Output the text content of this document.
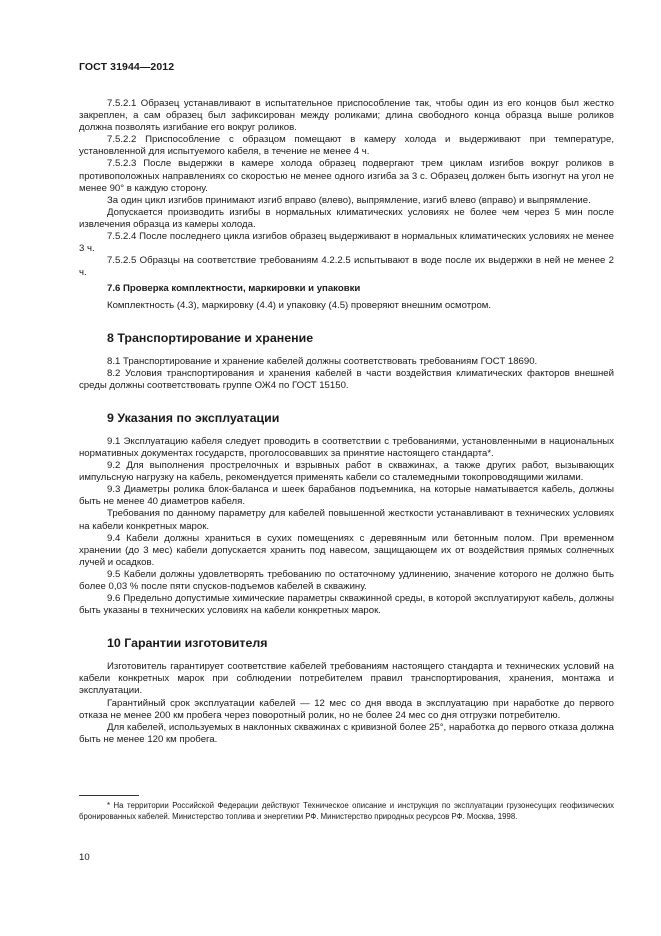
ГОСТ 31944—2012

7.5.2.1 Образец устанавливают в испытательное приспособление так, чтобы один из его концов был жестко закреплен, а сам образец был зафиксирован между роликами; длина свободного конца образца выше роликов должна позволять изгибание его вокруг роликов.

7.5.2.2 Приспособление с образцом помещают в камеру холода и выдерживают при температуре, установленной для испытуемого кабеля, в течение не менее 4 ч.

7.5.2.3 После выдержки в камере холода образец подвергают трем циклам изгибов вокруг роликов в противоположных направлениях со скоростью не менее одного изгиба за 3 с. Образец должен быть изогнут на угол не менее 90° в каждую сторону.

За один цикл изгибов принимают изгиб вправо (влево), выпрямление, изгиб влево (вправо) и выпрямление.

Допускается производить изгибы в нормальных климатических условиях не более чем через 5 мин после извлечения образца из камеры холода.

7.5.2.4 После последнего цикла изгибов образец выдерживают в нормальных климатических условиях не менее 3 ч.

7.5.2.5 Образцы на соответствие требованиям 4.2.2.5 испытывают в воде после их выдержки в ней не менее 2 ч.

7.6 Проверка комплектности, маркировки и упаковки

Комплектность (4.3), маркировку (4.4) и упаковку (4.5) проверяют внешним осмотром.

8 Транспортирование и хранение

8.1 Транспортирование и хранение кабелей должны соответствовать требованиям ГОСТ 18690.

8.2 Условия транспортирования и хранения кабелей в части воздействия климатических факторов внешней среды должны соответствовать группе ОЖ4 по ГОСТ 15150.

9 Указания по эксплуатации

9.1 Эксплуатацию кабеля следует проводить в соответствии с требованиями, установленными в национальных нормативных документах государств, проголосовавших за принятие настоящего стандарта*.

9.2 Для выполнения прострелочных и взрывных работ в скважинах, а также других работ, вызывающих импульсную нагрузку на кабель, рекомендуется применять кабели со сталемедными токопроводящими жилами.

9.3 Диаметры ролика блок-баланса и шеек барабанов подъемника, на которые наматывается кабель, должны быть не менее 40 диаметров кабеля.

Требования по данному параметру для кабелей повышенной жесткости устанавливают в технических условиях на кабели конкретных марок.

9.4 Кабели должны храниться в сухих помещениях с деревянным или бетонным полом. При временном хранении (до 3 мес) кабели допускается хранить под навесом, защищающем их от воздействия прямых солнечных лучей и осадков.

9.5 Кабели должны удовлетворять требованию по остаточному удлинению, значение которого не должно быть более 0,03 % после пяти спусков-подъемов кабелей в скважину.

9.6 Предельно допустимые химические параметры скважинной среды, в которой эксплуатируют кабель, должны быть указаны в технических условиях на кабели конкретных марок.

10 Гарантии изготовителя

Изготовитель гарантирует соответствие кабелей требованиям настоящего стандарта и технических условий на кабели конкретных марок при соблюдении потребителем правил транспортирования, хранения, монтажа и эксплуатации.

Гарантийный срок эксплуатации кабелей — 12 мес со дня ввода в эксплуатацию при наработке до первого отказа не менее 200 км пробега через поворотный ролик, но не более 24 мес со дня отгрузки потребителю.

Для кабелей, используемых в наклонных скважинах с кривизной более 25°, наработка до первого отказа должна быть не менее 120 км пробега.

* На территории Российской Федерации действуют Техническое описание и инструкция по эксплуатации грузонесущих геофизических бронированных кабелей. Министерство топлива и энергетики РФ. Министерство природных ресурсов РФ. Москва, 1998.

10
